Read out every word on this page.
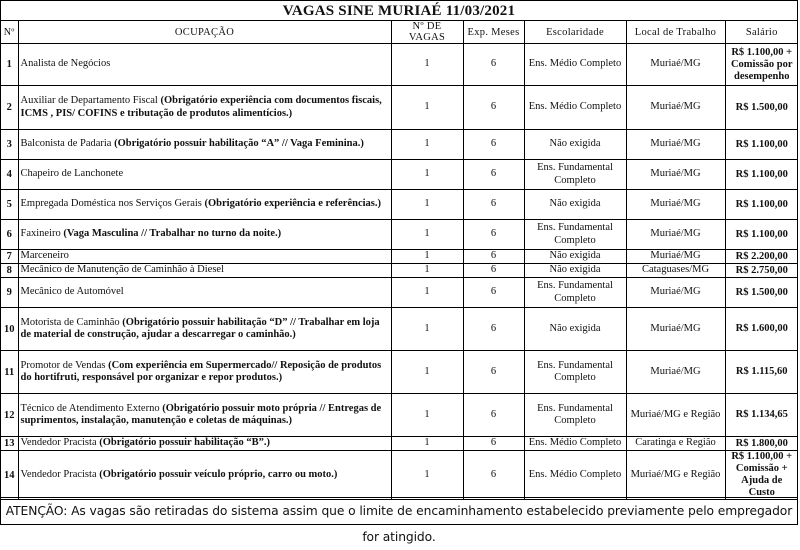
VAGAS SINE MURIAÉ 11/03/2021
Nº	OCUPAÇÃO	Nº DE VAGAS	Exp. Meses	Escolaridade	Local de Trabalho	Salário
1	Analista de Negócios	1	6	Ens. Médio Completo	Muriaé/MG	R$ 1.100,00 + Comissão por desempenho
2	Auxiliar de Departamento Fiscal (Obrigatório experiência com documentos fiscais, ICMS , PIS/ COFINS e tributação de produtos alimentícios.)	1	6	Ens. Médio Completo	Muriaé/MG	R$ 1.500,00
3	Balconista de Padaria (Obrigatório possuir habilitação “A” // Vaga Feminina.)	1	6	Não exigida	Muriaé/MG	R$ 1.100,00
4	Chapeiro de Lanchonete	1	6	Ens. Fundamental Completo	Muriaé/MG	R$ 1.100,00
5	Empregada Doméstica nos Serviços Gerais (Obrigatório experiência e referências.)	1	6	Não exigida	Muriaé/MG	R$ 1.100,00
6	Faxineiro (Vaga Masculina // Trabalhar no turno da noite.)	1	6	Ens. Fundamental Completo	Muriaé/MG	R$ 1.100,00
7	Marceneiro	1	6	Não exigida	Muriaé/MG	R$ 2.200,00
8	Mecânico de Manutenção de Caminhão à Diesel	1	6	Não exigida	Cataguases/MG	R$ 2.750,00
9	Mecânico de Automóvel	1	6	Ens. Fundamental Completo	Muriaé/MG	R$ 1.500,00
10	Motorista de Caminhão (Obrigatório possuir habilitação “D” // Trabalhar em loja de material de construção, ajudar a descarregar o caminhão.)	1	6	Não exigida	Muriaé/MG	R$ 1.600,00
11	Promotor de Vendas (Com experiência em Supermercado// Reposição de produtos do hortifruti, responsável por organizar e repor produtos.)	1	6	Ens. Fundamental Completo	Muriaé/MG	R$ 1.115,60
12	Técnico de Atendimento Externo (Obrigatório possuir moto própria // Entregas de suprimentos, instalação, manutenção e coletas de máquinas.)	1	6	Ens. Fundamental Completo	Muriaé/MG e Região	R$ 1.134,65
13	Vendedor Pracista (Obrigatório possuir habilitação “B”.)	1	6	Ens. Médio Completo	Caratinga e Região	R$ 1.800,00
14	Vendedor Pracista (Obrigatório possuir veículo próprio, carro ou moto.)	1	6	Ens. Médio Completo	Muriaé/MG e Região	R$ 1.100,00 + Comissão + Ajuda de Custo
ATENÇÃO: As vagas são retiradas do sistema assim que o limite de encaminhamento estabelecido previamente pelo empregador for atingido.
